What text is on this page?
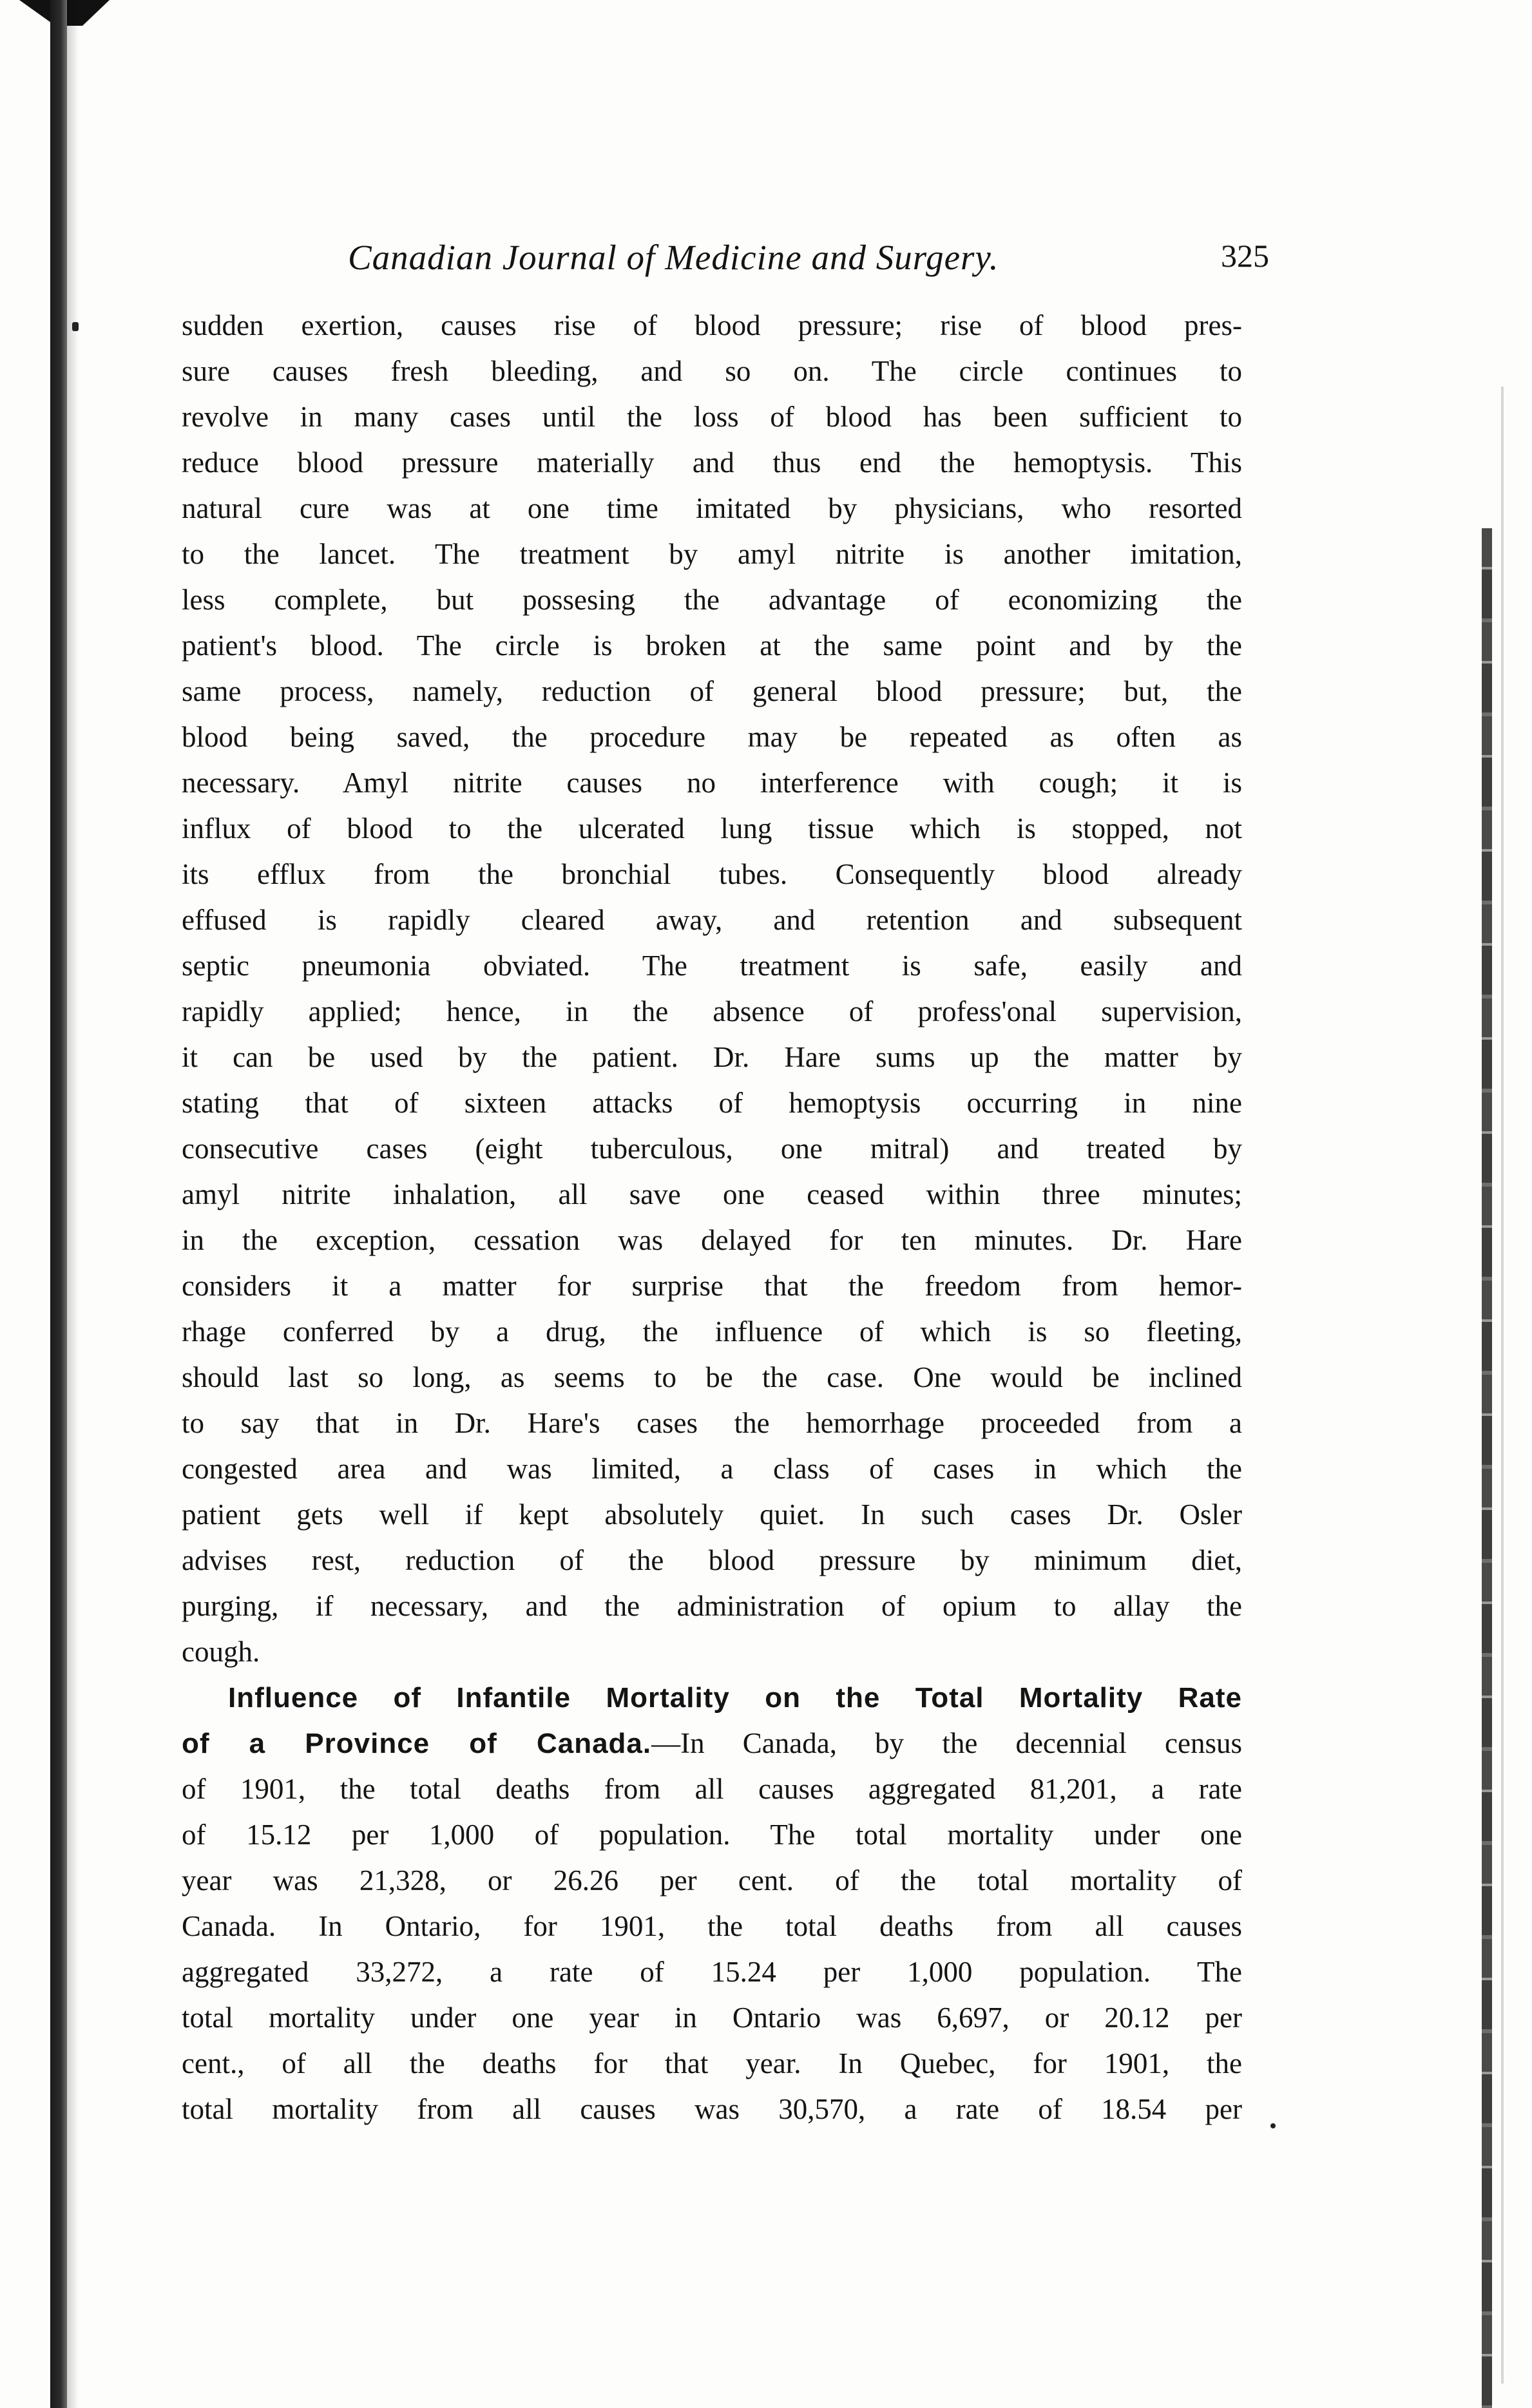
Canadian Journal of Medicine and Surgery.	325
sudden exertion, causes rise of blood pressure; rise of blood pres-
sure causes fresh bleeding, and so on. The circle continues to
revolve in many cases until the loss of blood has been sufficient to
reduce blood pressure materially and thus end the hemoptysis. This
natural cure was at one time imitated by physicians, who resorted
to the lancet. The treatment by amyl nitrite is another imitation,
less complete, but possesing the advantage of economizing the
patient's blood. The circle is broken at the same point and by the
same process, namely, reduction of general blood pressure; but, the
blood being saved, the procedure may be repeated as often as
necessary. Amyl nitrite causes no interference with cough; it is
influx of blood to the ulcerated lung tissue which is stopped, not
its efflux from the bronchial tubes. Consequently blood already
effused is rapidly cleared away, and retention and subsequent
septic pneumonia obviated. The treatment is safe, easily and
rapidly applied; hence, in the absence of profess'onal supervision,
it can be used by the patient. Dr. Hare sums up the matter by
stating that of sixteen attacks of hemoptysis occurring in nine
consecutive cases (eight tuberculous, one mitral) and treated by
amyl nitrite inhalation, all save one ceased within three minutes;
in the exception, cessation was delayed for ten minutes. Dr. Hare
considers it a matter for surprise that the freedom from hemor-
rhage conferred by a drug, the influence of which is so fleeting,
should last so long, as seems to be the case. One would be inclined
to say that in Dr. Hare's cases the hemorrhage proceeded from a
congested area and was limited, a class of cases in which the
patient gets well if kept absolutely quiet. In such cases Dr. Osler
advises rest, reduction of the blood pressure by minimum diet,
purging, if necessary, and the administration of opium to allay the
cough.
Influence of Infantile Mortality on the Total Mortality Rate
of a Province of Canada.—In Canada, by the decennial census
of 1901, the total deaths from all causes aggregated 81,201, a rate
of 15.12 per 1,000 of population. The total mortality under one
year was 21,328, or 26.26 per cent. of the total mortality of
Canada. In Ontario, for 1901, the total deaths from all causes
aggregated 33,272, a rate of 15.24 per 1,000 population. The
total mortality under one year in Ontario was 6,697, or 20.12 per
cent., of all the deaths for that year. In Quebec, for 1901, the
total mortality from all causes was 30,570, a rate of 18.54 per
